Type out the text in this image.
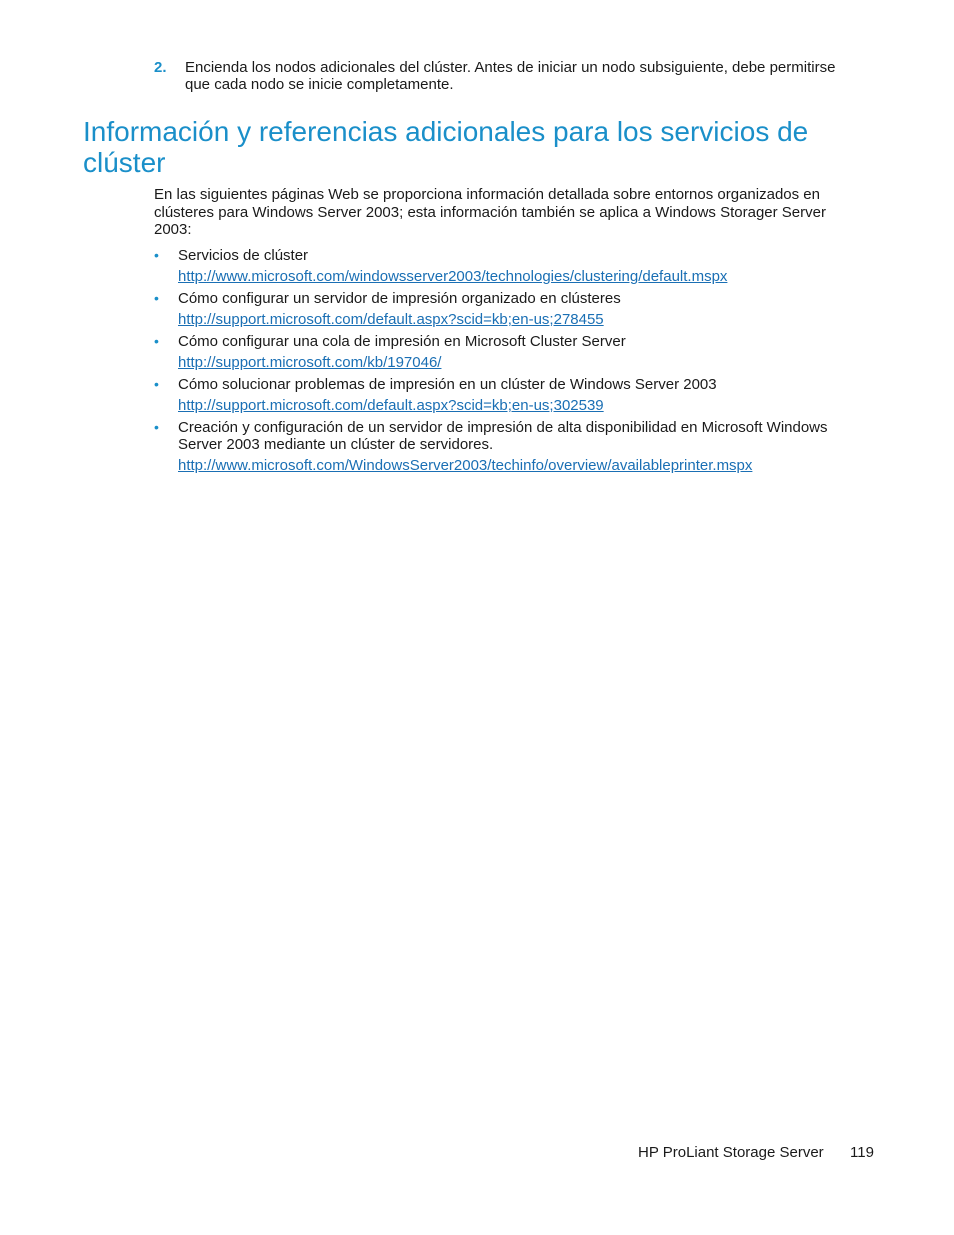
2. Encienda los nodos adicionales del clúster. Antes de iniciar un nodo subsiguiente, debe permitirse que cada nodo se inicie completamente.
Información y referencias adicionales para los servicios de clúster

En las siguientes páginas Web se proporciona información detallada sobre entornos organizados en clústeres para Windows Server 2003; esta información también se aplica a Windows Storager Server 2003:

• Servicios de clúster
http://www.microsoft.com/windowsserver2003/technologies/clustering/default.mspx
• Cómo configurar un servidor de impresión organizado en clústeres
http://support.microsoft.com/default.aspx?scid=kb;en-us;278455
• Cómo configurar una cola de impresión en Microsoft Cluster Server
http://support.microsoft.com/kb/197046/
• Cómo solucionar problemas de impresión en un clúster de Windows Server 2003
http://support.microsoft.com/default.aspx?scid=kb;en-us;302539
• Creación y configuración de un servidor de impresión de alta disponibilidad en Microsoft Windows Server 2003 mediante un clúster de servidores.
http://www.microsoft.com/WindowsServer2003/techinfo/overview/availableprinter.mspx
HP ProLiant Storage Server 119
